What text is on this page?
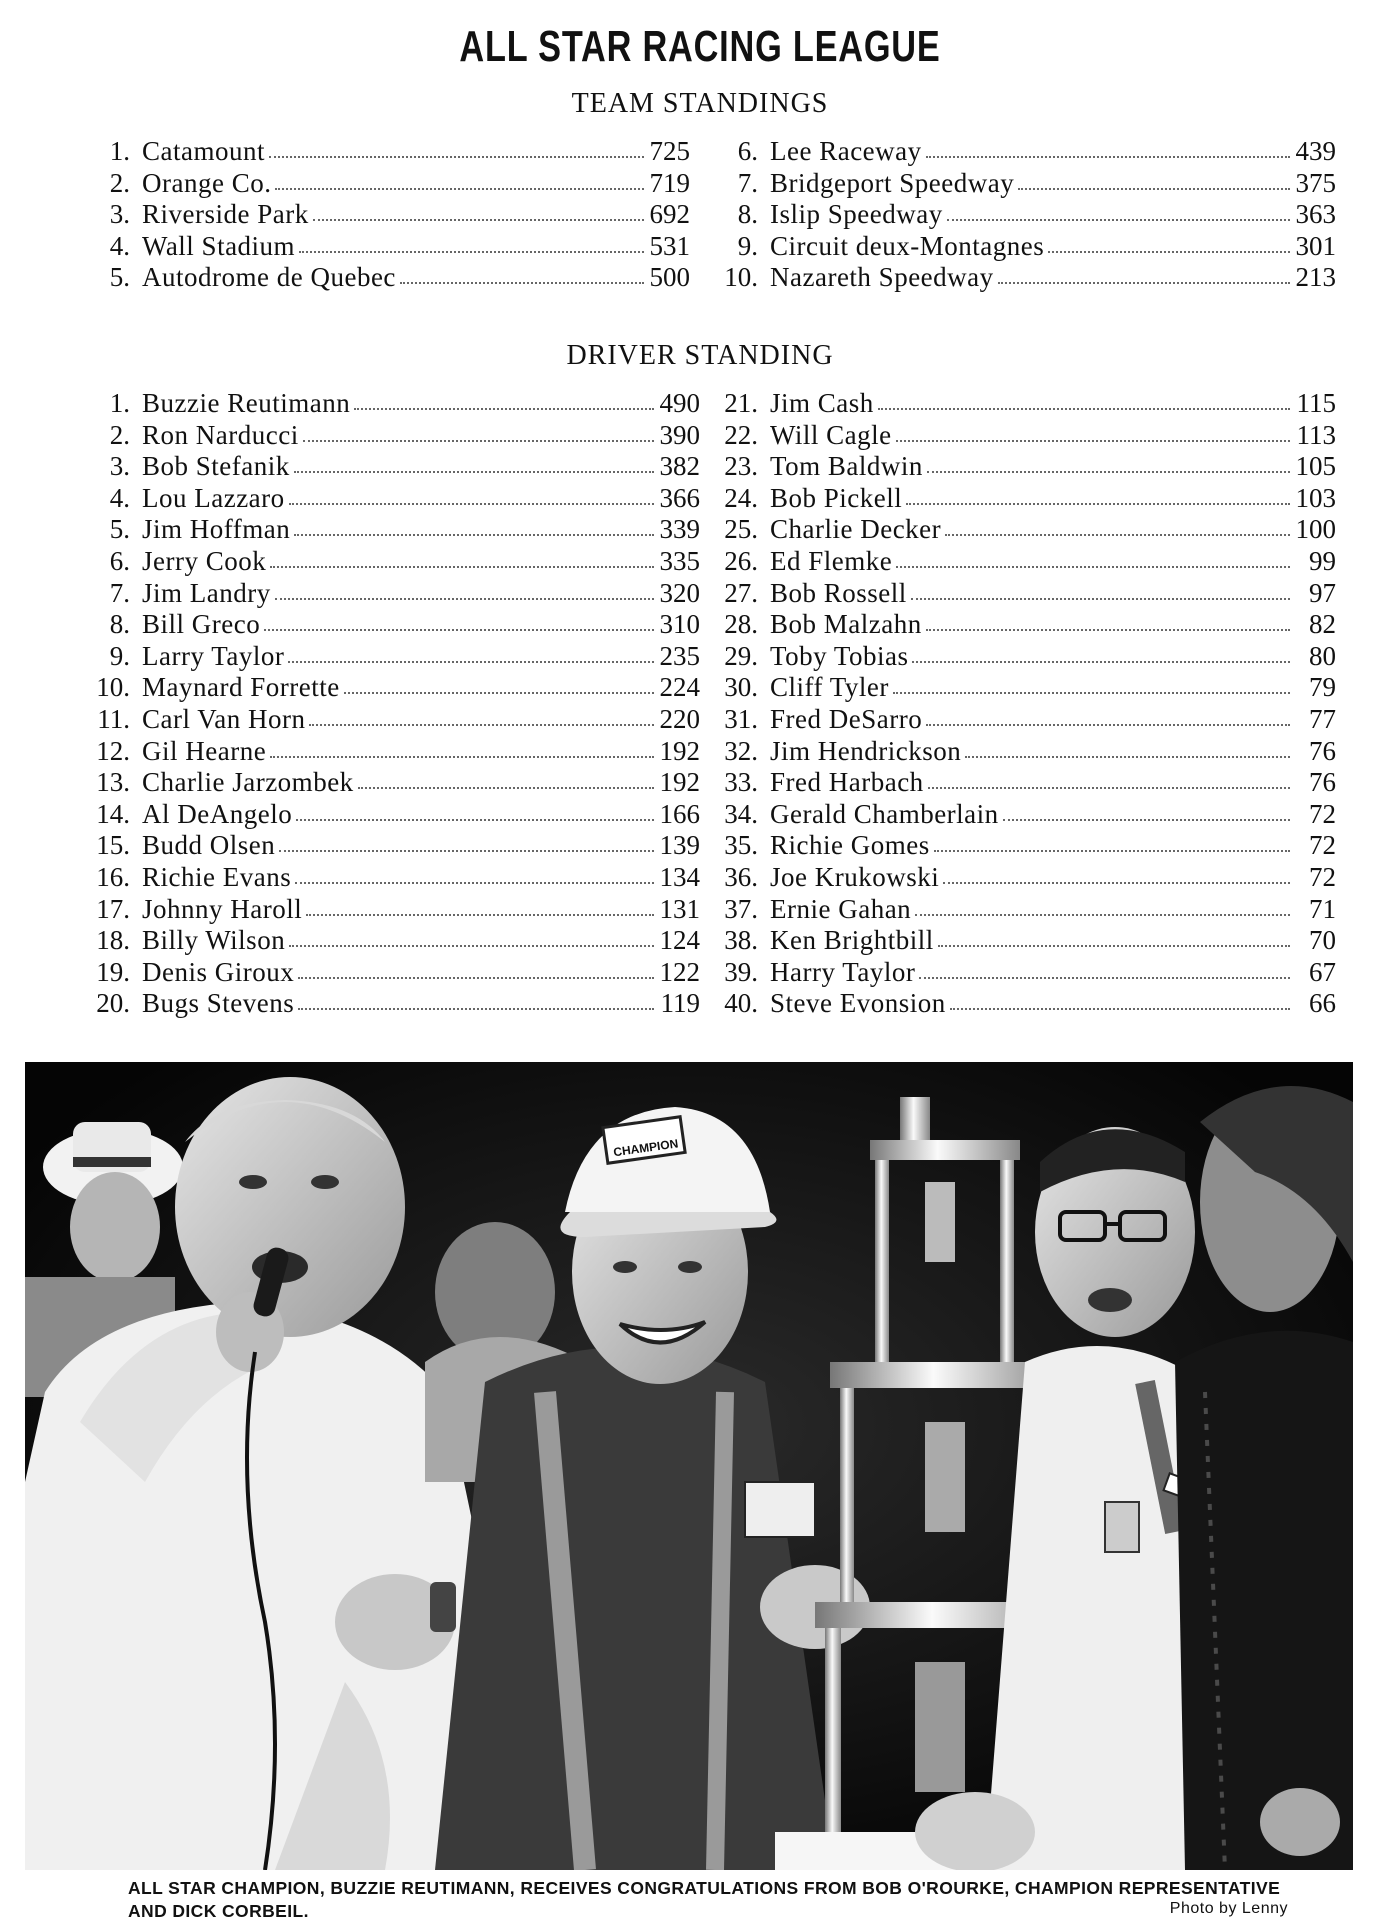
ALL STAR RACING LEAGUE
TEAM STANDINGS
1. Catamount	725
2. Orange Co.	719
3. Riverside Park	692
4. Wall Stadium	531
5. Autodrome de Quebec	500
6. Lee Raceway	439
7. Bridgeport Speedway	375
8. Islip Speedway	363
9. Circuit deux-Montagnes	301
10. Nazareth Speedway	213
DRIVER STANDING
1. Buzzie Reutimann	490
2. Ron Narducci	390
3. Bob Stefanik	382
4. Lou Lazzaro	366
5. Jim Hoffman	339
6. Jerry Cook	335
7. Jim Landry	320
8. Bill Greco	310
9. Larry Taylor	235
10. Maynard Forrette	224
11. Carl Van Horn	220
12. Gil Hearne	192
13. Charlie Jarzombek	192
14. Al DeAngelo	166
15. Budd Olsen	139
16. Richie Evans	134
17. Johnny Haroll	131
18. Billy Wilson	124
19. Denis Giroux	122
20. Bugs Stevens	119
21. Jim Cash	115
22. Will Cagle	113
23. Tom Baldwin	105
24. Bob Pickell	103
25. Charlie Decker	100
26. Ed Flemke	99
27. Bob Rossell	97
28. Bob Malzahn	82
29. Toby Tobias	80
30. Cliff Tyler	79
31. Fred DeSarro	77
32. Jim Hendrickson	76
33. Fred Harbach	76
34. Gerald Chamberlain	72
35. Richie Gomes	72
36. Joe Krukowski	72
37. Ernie Gahan	71
38. Ken Brightbill	70
39. Harry Taylor	67
40. Steve Evonsion	66
CHAMPION
ALL STAR CHAMPION, BUZZIE REUTIMANN, RECEIVES CONGRATULATIONS FROM BOB O'ROURKE, CHAMPION REPRESENTATIVE AND DICK CORBEIL.	Photo by Lenny
